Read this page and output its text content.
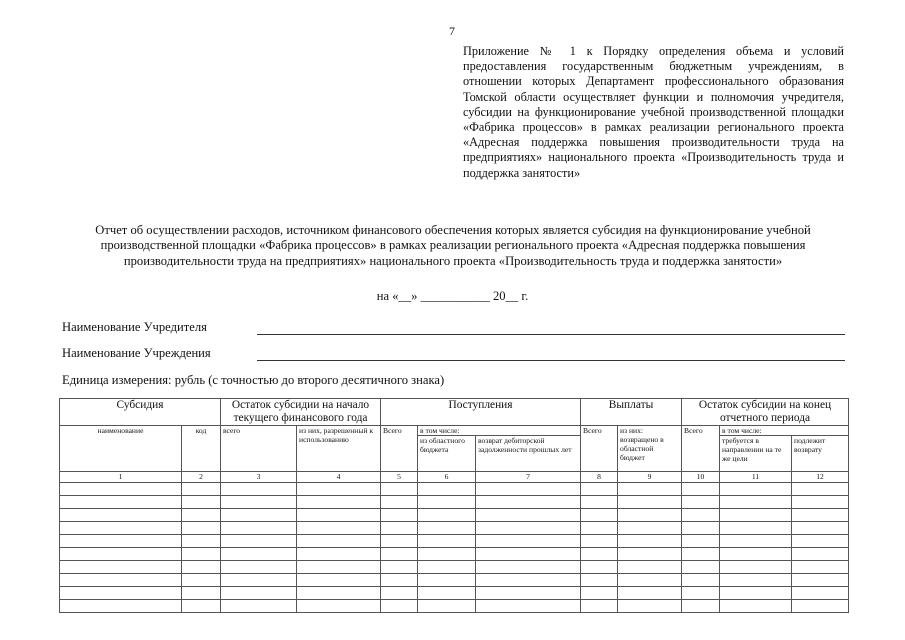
7
Приложение № 1 к Порядку определения объема и условий предоставления государственным бюджетным учреждениям, в отношении которых Департамент профессионального образования Томской области осуществляет функции и полномочия учредителя, субсидии на функционирование учебной производственной площадки «Фабрика процессов» в рамках реализации регионального проекта «Адресная поддержка повышения производительности труда на предприятиях» национального проекта «Производительность труда и поддержка занятости»
Отчет об осуществлении расходов, источником финансового обеспечения которых является субсидия на функционирование учебной производственной площадки «Фабрика процессов» в рамках реализации регионального проекта «Адресная поддержка повышения производительности труда на предприятиях» национального проекта «Производительность труда и поддержка занятости»
на «__» ___________ 20__ г.
Наименование Учредителя
Наименование Учреждения
Единица измерения: рубль (с точностью до второго десятичного знака)
Субсидия		Остаток субсидии на начало текущего финансового года		Поступления			Выплаты		Остаток субсидии на конец отчетного периода		
наименование	код	всего	из них, разрешенный к использованию	Всего	в том числе:		Всего	из них: возвращено в областной бюджет	Всего	в том числе:	
					из областного бюджета	возврат дебиторской задолженности прошлых лет				требуется в направлении на те же цели	подлежит возврату
1	2	3	4	5	6	7	8	9	10	11	12
